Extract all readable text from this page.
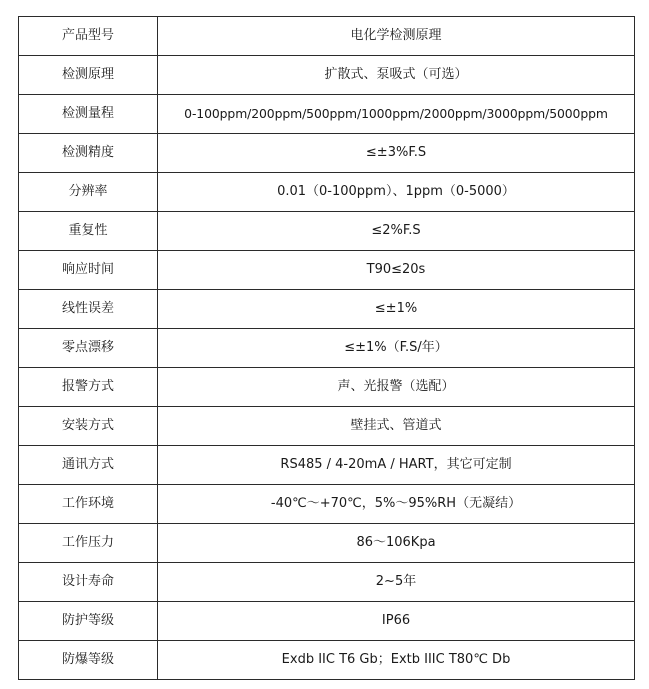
产品型号	电化学检测原理
检测原理	扩散式、泵吸式（可选）
检测量程	0-100ppm/200ppm/500ppm/1000ppm/2000ppm/3000ppm/5000ppm
检测精度	≤±3%F.S
分辨率	0.01（0-100ppm）、1ppm（0-5000）
重复性	≤2%F.S
响应时间	T90≤20s
线性误差	≤±1%
零点漂移	≤±1%（F.S/年）
报警方式	声、光报警（选配）
安装方式	壁挂式、管道式
通讯方式	RS485 / 4-20mA / HART，其它可定制
工作环境	-40℃～+70℃，5%～95%RH（无凝结）
工作压力	86～106Kpa
设计寿命	2~5年
防护等级	IP66
防爆等级	Exdb IIC T6 Gb；Extb IIIC T80℃ Db
